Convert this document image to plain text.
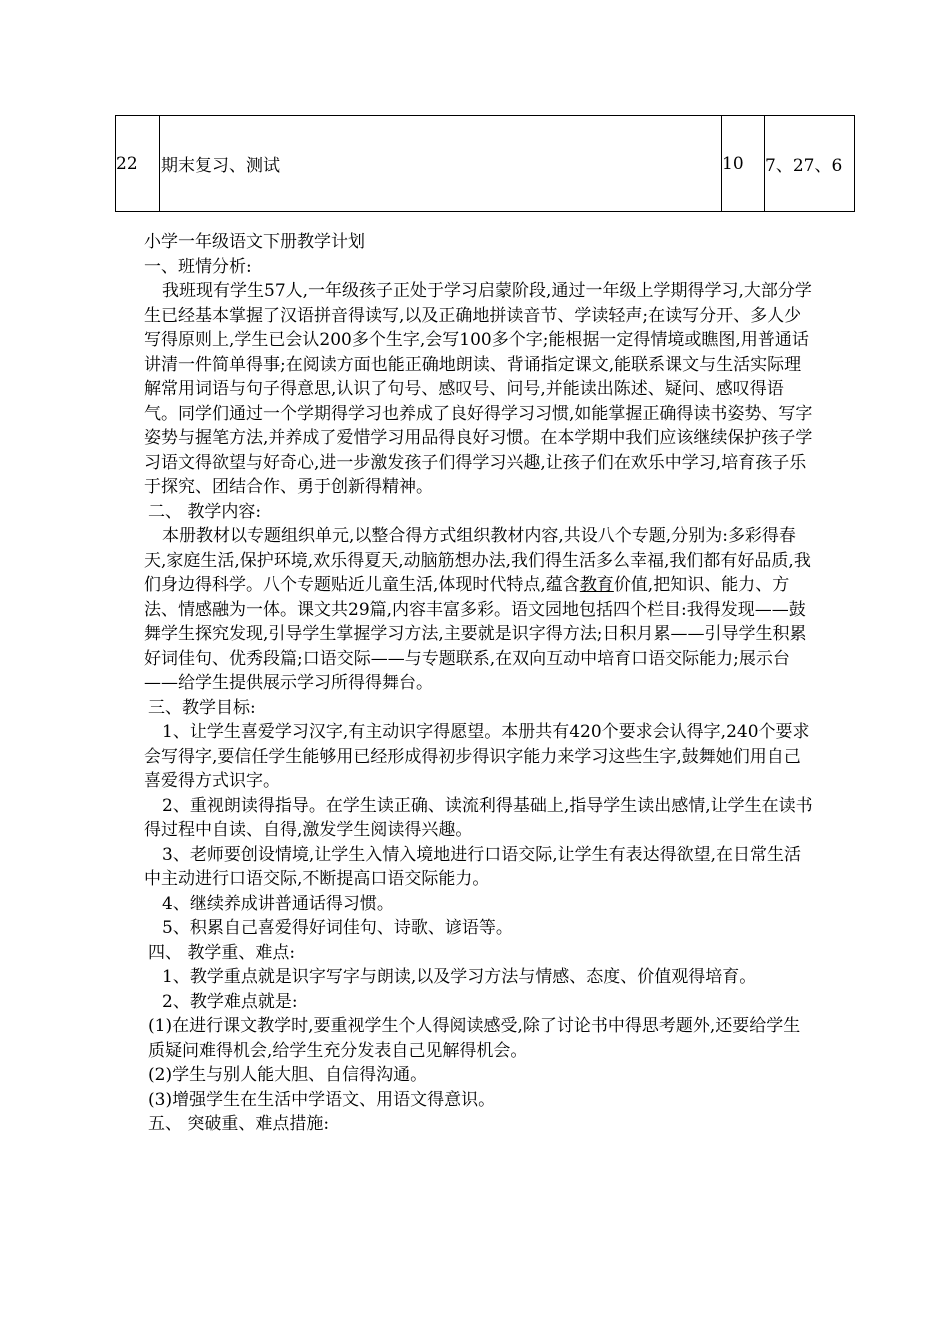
22	期末复习、测试	10	7、27、6

小学一年级语文下册教学计划

一、班情分析:

我班现有学生57人,一年级孩子正处于学习启蒙阶段,通过一年级上学期得学习,大部分学生已经基本掌握了汉语拼音得读写,以及正确地拼读音节、学读轻声;在读写分开、多人少写得原则上,学生已会认200多个生字,会写100多个字;能根据一定得情境或瞧图,用普通话讲清一件简单得事;在阅读方面也能正确地朗读、背诵指定课文,能联系课文与生活实际理解常用词语与句子得意思,认识了句号、感叹号、问号,并能读出陈述、疑问、感叹得语气。同学们通过一个学期得学习也养成了良好得学习习惯,如能掌握正确得读书姿势、写字姿势与握笔方法,并养成了爱惜学习用品得良好习惯。在本学期中我们应该继续保护孩子学习语文得欲望与好奇心,进一步激发孩子们得学习兴趣,让孩子们在欢乐中学习,培育孩子乐于探究、团结合作、勇于创新得精神。

二、 教学内容:

本册教材以专题组织单元,以整合得方式组织教材内容,共设八个专题,分别为:多彩得春天,家庭生活,保护环境,欢乐得夏天,动脑筋想办法,我们得生活多么幸福,我们都有好品质,我们身边得科学。八个专题贴近儿童生活,体现时代特点,蕴含教育价值,把知识、能力、方法、情感融为一体。课文共29篇,内容丰富多彩。语文园地包括四个栏目:我得发现——鼓舞学生探究发现,引导学生掌握学习方法,主要就是识字得方法;日积月累——引导学生积累好词佳句、优秀段篇;口语交际——与专题联系,在双向互动中培育口语交际能力;展示台——给学生提供展示学习所得得舞台。

三、教学目标:

1、让学生喜爱学习汉字,有主动识字得愿望。本册共有420个要求会认得字,240个要求会写得字,要信任学生能够用已经形成得初步得识字能力来学习这些生字,鼓舞她们用自己喜爱得方式识字。

2、重视朗读得指导。在学生读正确、读流利得基础上,指导学生读出感情,让学生在读书得过程中自读、自得,激发学生阅读得兴趣。

3、老师要创设情境,让学生入情入境地进行口语交际,让学生有表达得欲望,在日常生活中主动进行口语交际,不断提高口语交际能力。

4、继续养成讲普通话得习惯。

5、积累自己喜爱得好词佳句、诗歌、谚语等。

四、 教学重、难点:

1、教学重点就是识字写字与朗读,以及学习方法与情感、态度、价值观得培育。

2、教学难点就是:

(1)在进行课文教学时,要重视学生个人得阅读感受,除了讨论书中得思考题外,还要给学生质疑问难得机会,给学生充分发表自己见解得机会。

(2)学生与别人能大胆、自信得沟通。

(3)增强学生在生活中学语文、用语文得意识。

五、 突破重、难点措施:
